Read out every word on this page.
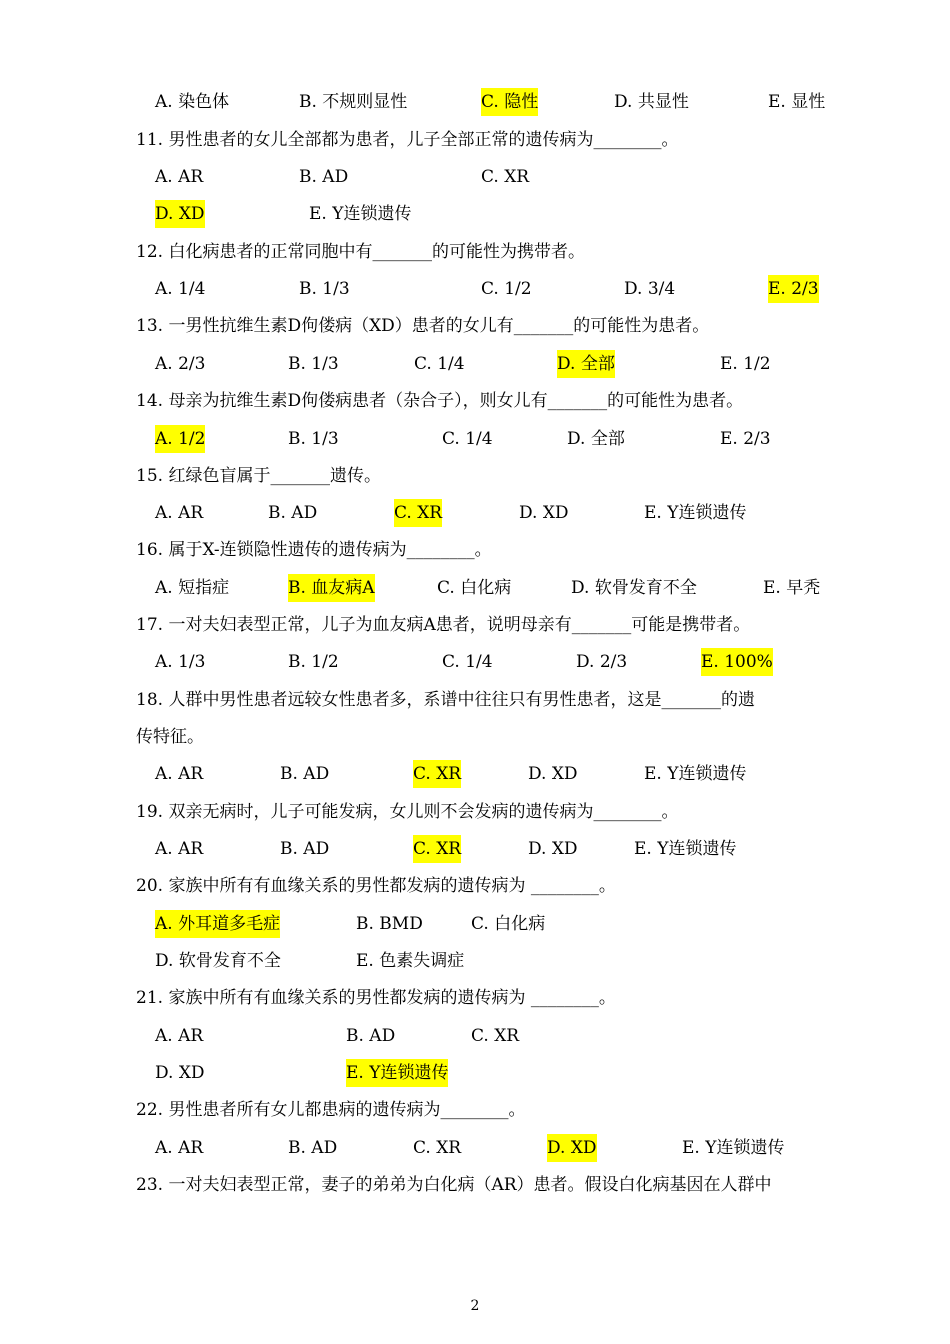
A. 染色体	B. 不规则显性	C. 隐性	D. 共显性	E. 显性
11. 男性患者的女儿全部都为患者，儿子全部正常的遗传病为________。
A. AR	B. AD	C. XR
D. XD	E. Y连锁遗传
12. 白化病患者的正常同胞中有_______的可能性为携带者。
A. 1/4	B. 1/3	C. 1/2	D. 3/4	E. 2/3
13. 一男性抗维生素D佝偻病（XD）患者的女儿有_______的可能性为患者。
A. 2/3	B. 1/3	C. 1/4	D. 全部	E. 1/2
14. 母亲为抗维生素D佝偻病患者（杂合子），则女儿有_______的可能性为患者。
A. 1/2	B. 1/3	C. 1/4	D. 全部	E. 2/3
15. 红绿色盲属于_______遗传。
A. AR	B. AD	C. XR	D. XD	E. Y连锁遗传
16. 属于X-连锁隐性遗传的遗传病为________。
A. 短指症	B. 血友病A	C. 白化病	D. 软骨发育不全	E. 早秃
17. 一对夫妇表型正常，儿子为血友病A患者，说明母亲有_______可能是携带者。
A. 1/3	B. 1/2	C. 1/4	D. 2/3	E. 100%
18. 人群中男性患者远较女性患者多，系谱中往往只有男性患者，这是_______的遗
传特征。
A. AR	B. AD	C. XR	D. XD	E. Y连锁遗传
19. 双亲无病时，儿子可能发病，女儿则不会发病的遗传病为________。
A. AR	B. AD	C. XR	D. XD	E. Y连锁遗传
20. 家族中所有有血缘关系的男性都发病的遗传病为 ________。
A. 外耳道多毛症	B. BMD	C. 白化病
D. 软骨发育不全	E. 色素失调症
21. 家族中所有有血缘关系的男性都发病的遗传病为 ________。
A. AR	B. AD	C. XR
D. XD	E. Y连锁遗传
22. 男性患者所有女儿都患病的遗传病为________。
A. AR	B. AD	C. XR	D. XD	E. Y连锁遗传
23. 一对夫妇表型正常，妻子的弟弟为白化病（AR）患者。假设白化病基因在人群中
2
